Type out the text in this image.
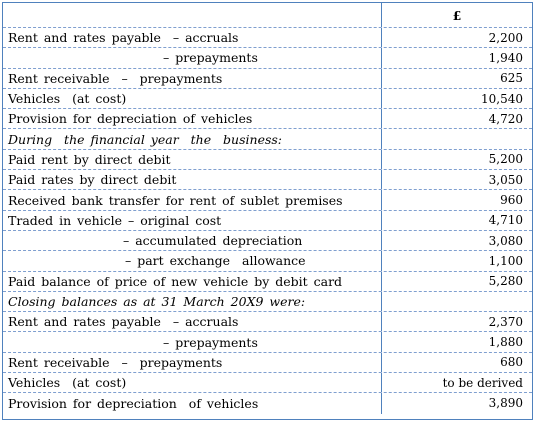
£
Rent and rates payable  – accruals	2,200
– prepayments	1,940
Rent receivable  –  prepayments	625
Vehicles  (at cost)	10,540
Provision for depreciation of vehicles	4,720
During  the financial year  the  business:
Paid rent by direct debit	5,200
Paid rates by direct debit	3,050
Received bank transfer for rent of sublet premises	960
Traded in vehicle – original cost	4,710
– accumulated depreciation	3,080
– part exchange  allowance	1,100
Paid balance of price of new vehicle by debit card	5,280
Closing balances as at 31 March 20X9 were:
Rent and rates payable  – accruals	2,370
– prepayments	1,880
Rent receivable  –  prepayments	680
Vehicles  (at cost)	to be derived
Provision for depreciation  of vehicles	3,890
